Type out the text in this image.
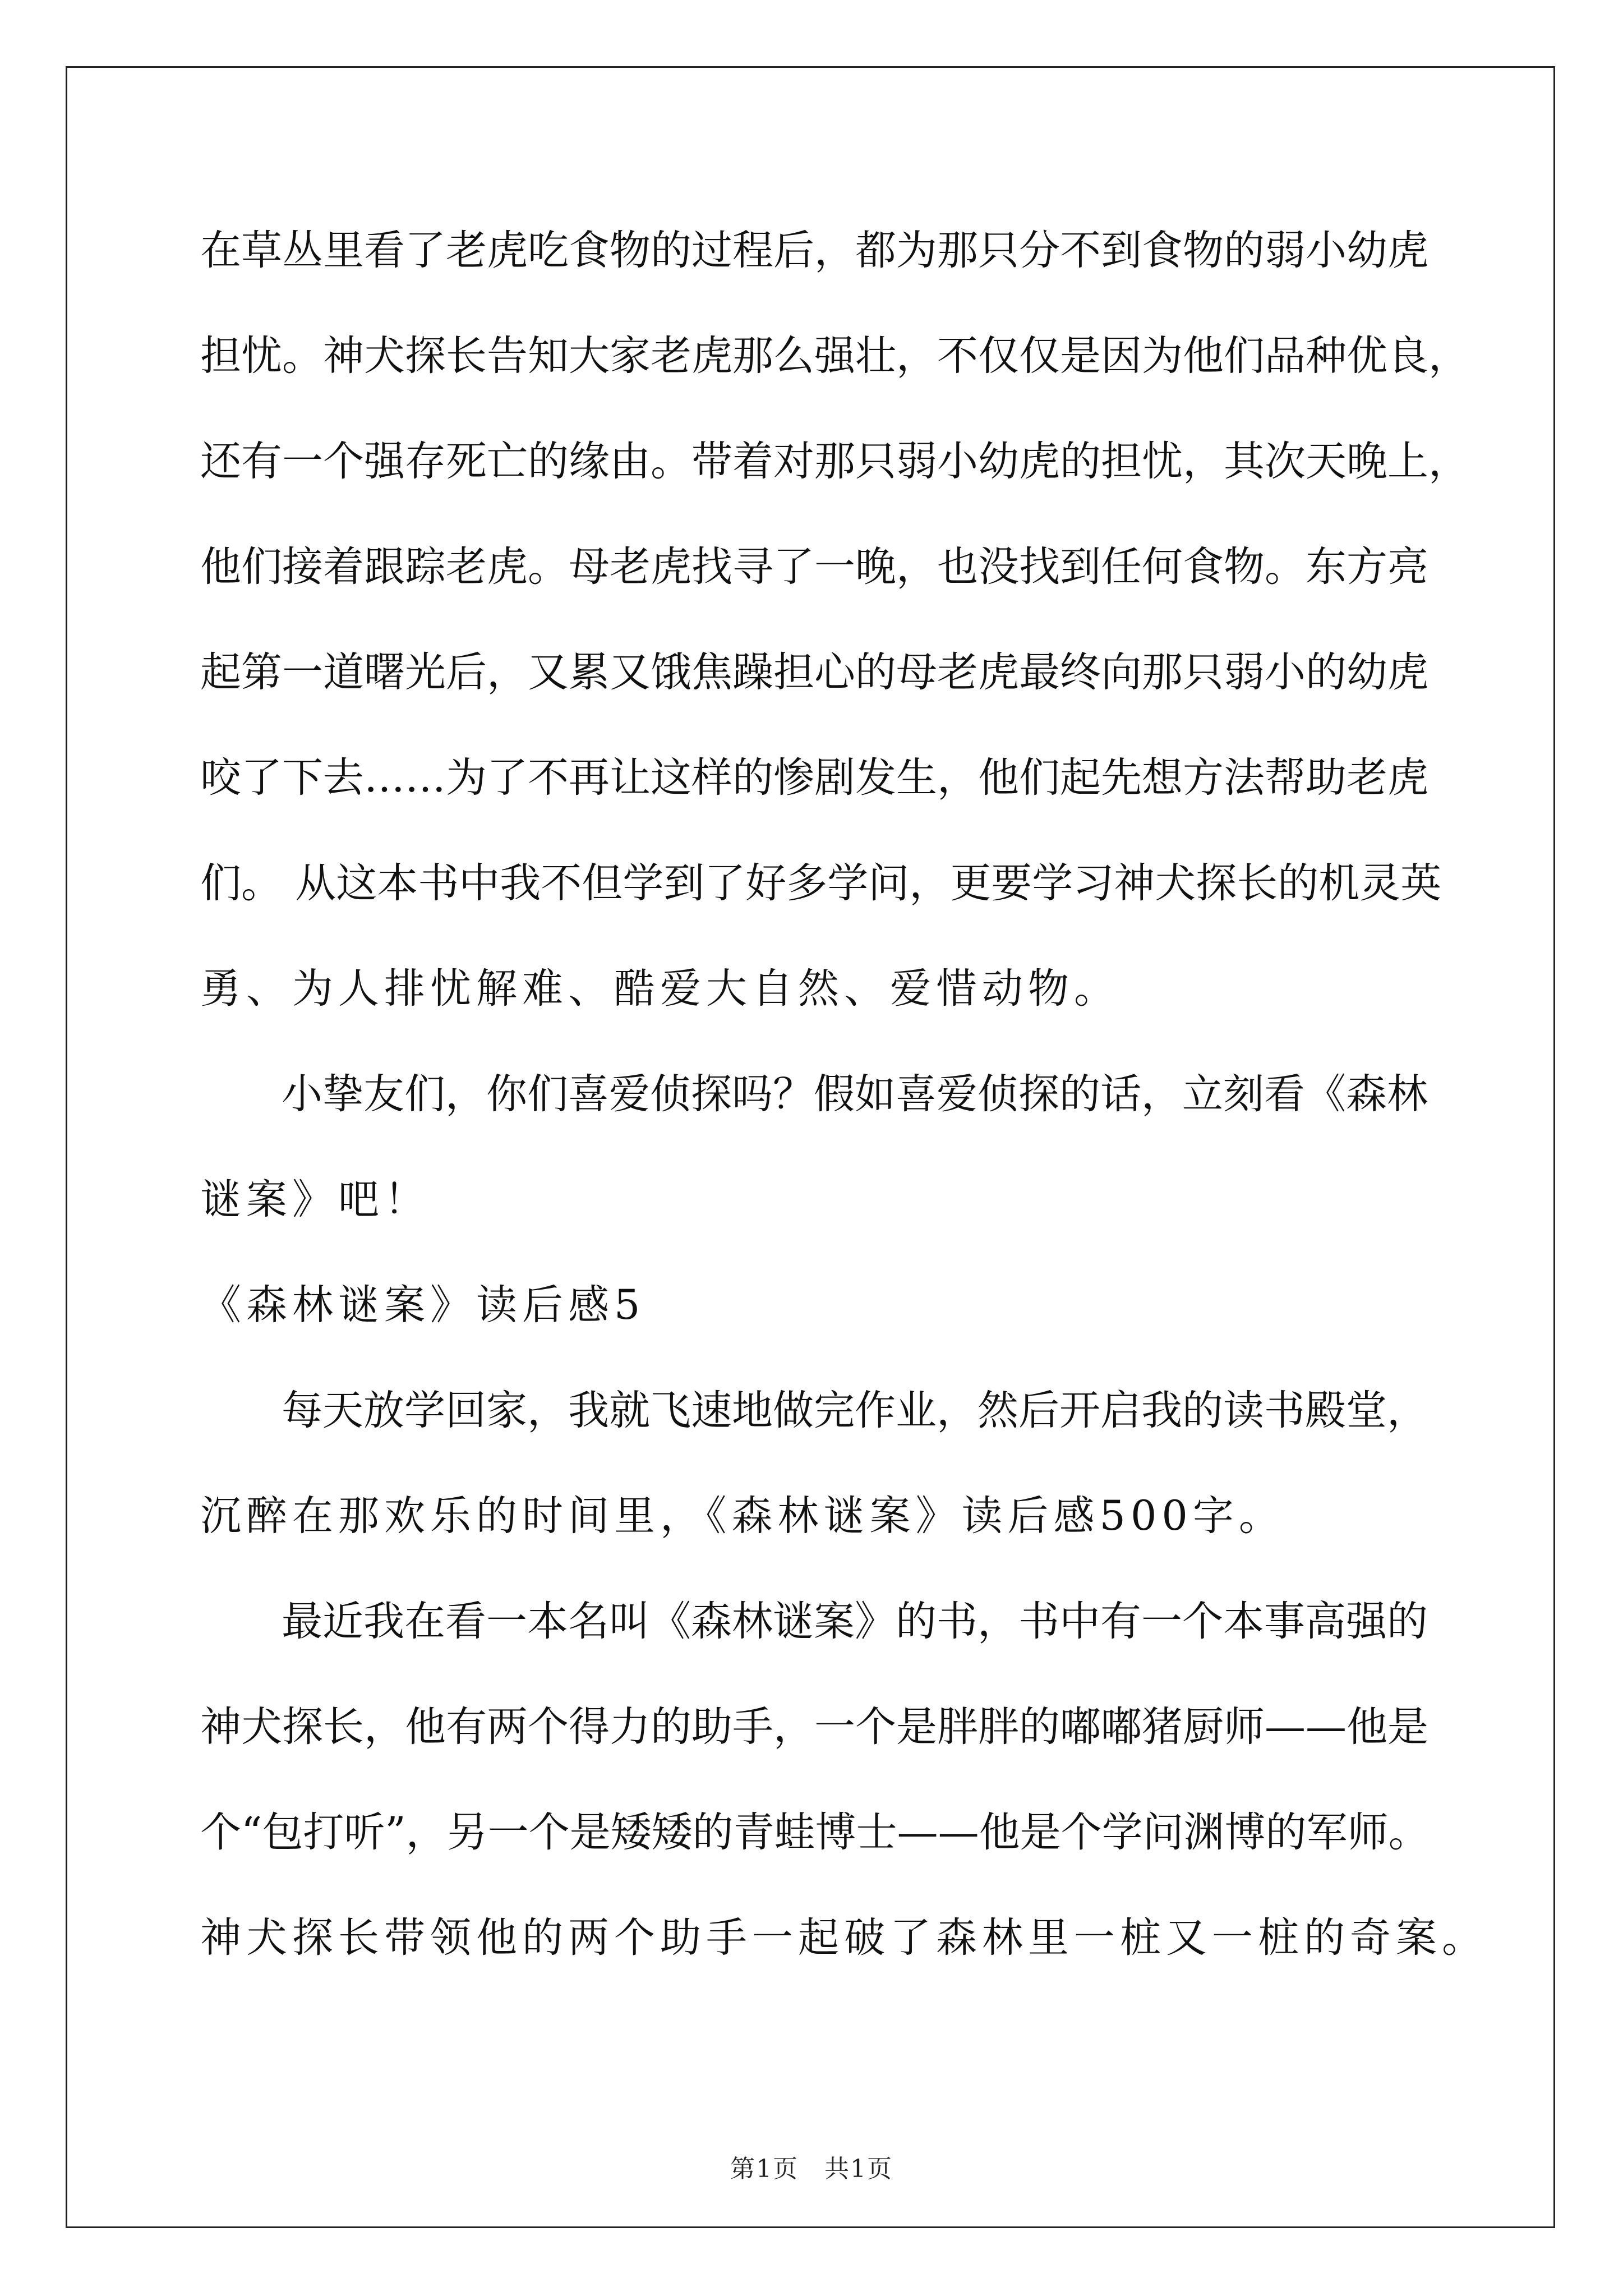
在草丛里看了老虎吃食物的过程后，都为那只分不到食物的弱小幼虎
担忧。神犬探长告知大家老虎那么强壮，不仅仅是因为他们品种优良，
还有一个强存死亡的缘由。带着对那只弱小幼虎的担忧，其次天晚上，
他们接着跟踪老虎。母老虎找寻了一晚，也没找到任何食物。东方亮
起第一道曙光后，又累又饿焦躁担心的母老虎最终向那只弱小的幼虎
咬了下去……为了不再让这样的惨剧发生，他们起先想方法帮助老虎
们。 从这本书中我不但学到了好多学问，更要学习神犬探长的机灵英
勇、为人排忧解难、酷爱大自然、爱惜动物。
小挚友们，你们喜爱侦探吗？假如喜爱侦探的话，立刻看《森林
谜案》吧！
《森林谜案》读后感5
每天放学回家，我就飞速地做完作业，然后开启我的读书殿堂，
沉醉在那欢乐的时间里，《森林谜案》读后感500字。
最近我在看一本名叫《森林谜案》的书，书中有一个本事高强的
神犬探长，他有两个得力的助手，一个是胖胖的嘟嘟猪厨师——他是
个“包打听”，另一个是矮矮的青蛙博士——他是个学问渊博的军师。
神犬探长带领他的两个助手一起破了森林里一桩又一桩的奇案。
第1页　共1页
